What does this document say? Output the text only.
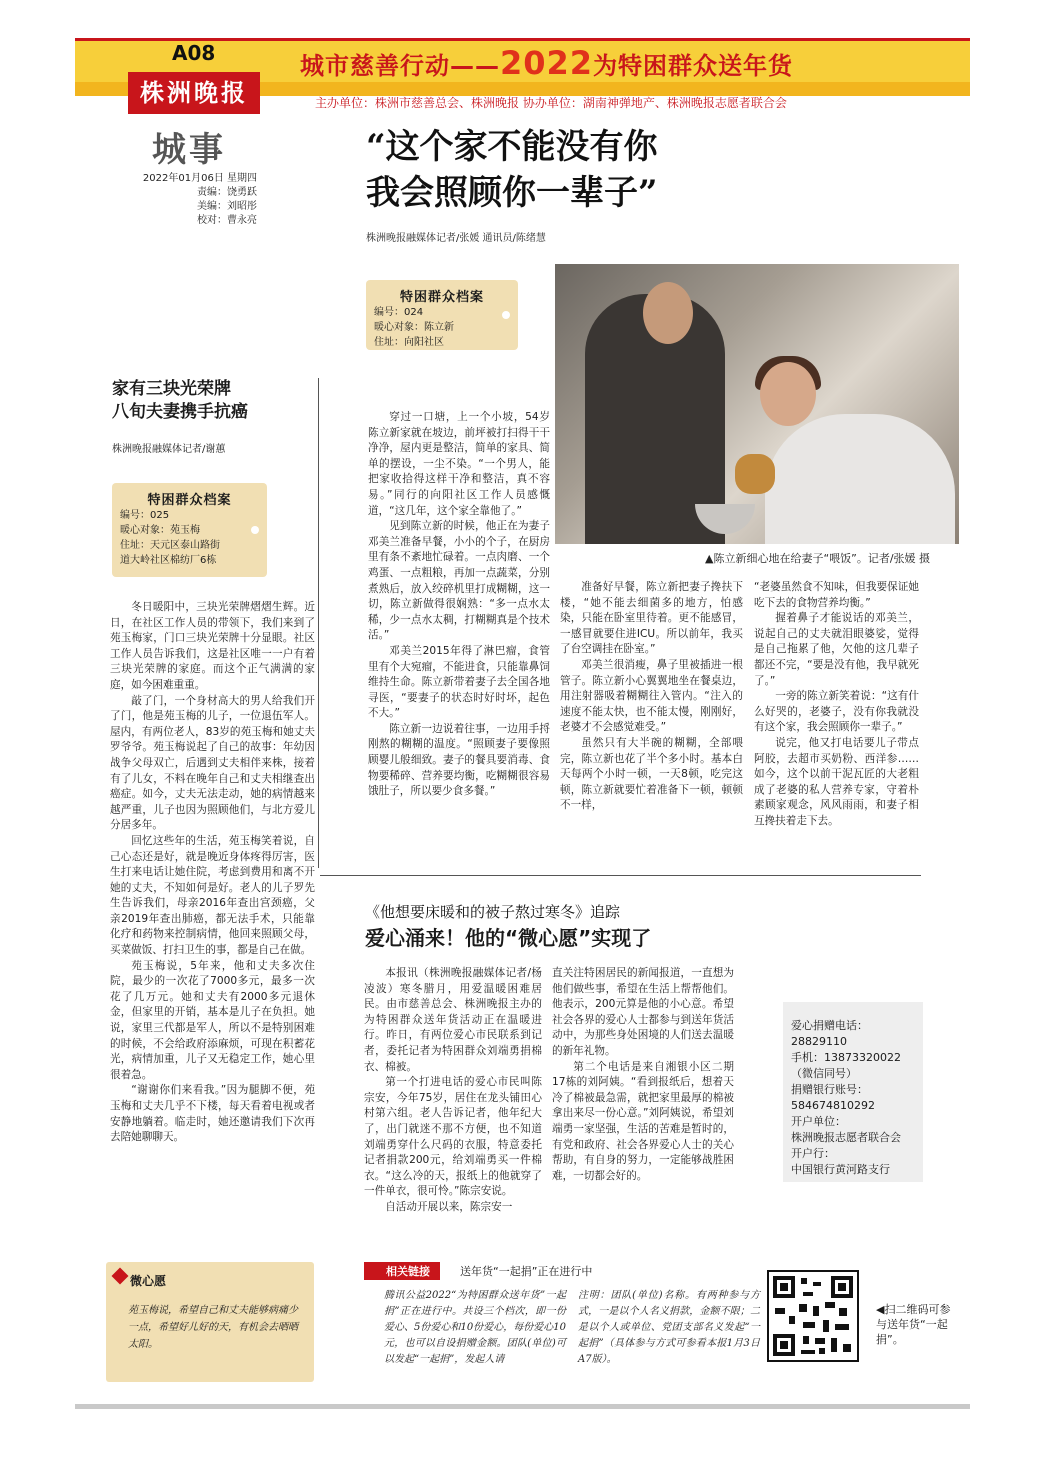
A08
株洲晚报
城市慈善行动——2022为特困群众送年货
主办单位：株洲市慈善总会、株洲晚报 协办单位：湖南神弹地产、株洲晚报志愿者联合会
城事
2022年01月06日 星期四
责编：饶勇跃
美编：刘昭彤
校对：曹永亮
“这个家不能没有你
我会照顾你一辈子”
株洲晚报融媒体记者/张媛 通讯员/陈绪慧
特困群众档案
编号：024
暖心对象：陈立新
住址：向阳社区
▲陈立新细心地在给妻子“喂饭”。记者/张媛 摄

穿过一口塘，上一个小坡，54岁陈立新家就在坡边，前坪被打扫得干干净净，屋内更是整洁，简单的家具、简单的摆设，一尘不染。“一个男人，能把家收拾得这样干净和整洁，真不容易。”同行的向阳社区工作人员感慨道，“这几年，这个家全靠他了。”

见到陈立新的时候，他正在为妻子邓美兰准备早餐，小小的个子，在厨房里有条不紊地忙碌着。一点肉磨、一个鸡蛋、一点粗粮，再加一点蔬菜，分别煮熟后，放入绞碎机里打成糊糊，这一切，陈立新做得很娴熟：“多一点水太稀，少一点水太稠，打糊糊真是个技术活。”

邓美兰2015年得了淋巴瘤，食管里有个大宛瘤，不能进食，只能靠鼻饲维持生命。陈立新带着妻子去全国各地寻医，“要妻子的状态时好时坏，起色不大。”

陈立新一边说着往事，一边用手捋刚熬的糊糊的温度。“照顾妻子要像照顾婴儿般细致。妻子的餐具要消毒、食物要稀碎、营养要均衡，吃糊糊很容易饿肚子，所以要少食多餐。”

准备好早餐，陈立新把妻子搀扶下楼，“她不能去细菌多的地方，怕感染，只能在卧室里待着。更不能感冒，一感冒就要住进ICU。所以前年，我买了台空调挂在卧室。”

邓美兰很消瘦，鼻子里被插进一根管子。陈立新小心翼翼地坐在餐桌边，用注射器吸着糊糊往入管内。“注入的速度不能太快，也不能太慢，刚刚好，老婆才不会感觉难受。”

虽然只有大半碗的糊糊，全部喂完，陈立新也花了半个多小时。基本白天每两个小时一顿，一天8顿，吃完这顿，陈立新就要忙着准备下一顿，顿顿不一样，

“老婆虽然食不知味，但我要保证她吃下去的食物营养均衡。”

握着鼻子才能说话的邓美兰，说起自己的丈夫就泪眼婆娑，觉得是自己拖累了他，欠他的这几辈子都还不完，“要是没有他，我早就死了。”

一旁的陈立新笑着说：“这有什么好哭的，老婆子，没有你我就没有这个家，我会照顾你一辈子。”

说完，他又打电话要儿子带点阿胶，去超市买奶粉、西洋参……如今，这个以前干泥瓦匠的大老粗成了老婆的私人营养专家，守着朴素顾家观念，风风雨雨，和妻子相互搀扶着走下去。

家有三块光荣牌
八旬夫妻携手抗癌
株洲晚报融媒体记者/谢蕙
特困群众档案
编号：025
暖心对象：苑玉梅
住址：天元区泰山路街
道大岭社区棉纺厂6栋

冬日暖阳中，三块光荣牌熠熠生辉。近日，在社区工作人员的带领下，我们来到了苑玉梅家，门口三块光荣牌十分显眼。社区工作人员告诉我们，这是社区唯一一户有着三块光荣牌的家庭。而这个正气满满的家庭，如今困难重重。

敲了门，一个身材高大的男人给我们开了门，他是苑玉梅的儿子，一位退伍军人。屋内，有两位老人，83岁的苑玉梅和她丈夫罗爷爷。苑玉梅说起了自己的故事：年幼因战争父母双亡，后遇到丈夫相伴来株，接着有了儿女，不料在晚年自己和丈夫相继查出癌症。如今，丈夫无法走动，她的病情越来越严重，儿子也因为照顾他们，与北方爱儿分居多年。

回忆这些年的生活，苑玉梅笑着说，自己心态还是好，就是晚近身体疼得厉害，医生打来电话让她住院，考虑到费用和离不开她的丈夫，不知如何是好。老人的儿子罗先生告诉我们，母亲2016年查出宫颈癌，父亲2019年查出肺癌，都无法手术，只能靠化疗和药物来控制病情，他回来照顾父母，买菜做饭、打扫卫生的事，都是自己在做。

苑玉梅说，5年来，他和丈夫多次住院，最少的一次花了7000多元，最多一次花了几万元。她和丈夫有2000多元退休金，但家里的开销，基本是儿子在负担。她说，家里三代都是军人，所以不是特别困难的时候，不会给政府添麻烦，可现在积蓄花光，病情加重，儿子又无稳定工作，她心里很着急。

“谢谢你们来看我。”因为腿脚不便，苑玉梅和丈夫几乎不下楼，每天看着电视或者安静地躺着。临走时，她还邀请我们下次再去陪她聊聊天。

微心愿
苑玉梅说，希望自己和丈夫能够病痛少一点，希望好儿好的天，有机会去晒晒太阳。
《他想要床暖和的被子熬过寒冬》追踪
爱心涌来！他的“微心愿”实现了

本报讯（株洲晚报融媒体记者/杨凌波）寒冬腊月，用爱温暖困难居民。由市慈善总会、株洲晚报主办的为特困群众送年货活动正在温暖进行。昨日，有两位爱心市民联系到记者，委托记者为特困群众刘端勇捐棉衣、棉被。

第一个打进电话的爱心市民叫陈宗安，今年75岁，居住在龙头铺田心村第六组。老人告诉记者，他年纪大了，出门就迷不那不方便，也不知道刘端勇穿什么尺码的衣服，特意委托记者捐款200元，给刘端勇买一件棉衣。“这么冷的天，报纸上的他就穿了一件单衣，很可怜。”陈宗安说。

自活动开展以来，陈宗安一

直关注特困居民的新闻报道，一直想为他们做些事，希望在生活上帮帮他们。他表示，200元算是他的小心意。希望社会各界的爱心人士都参与到送年货活动中，为那些身处困境的人们送去温暖的新年礼物。

第二个电话是来自湘银小区二期17栋的刘阿姨。“看到报纸后，想着天冷了棉被最急需，就把家里最厚的棉被拿出来尽一份心意。”刘阿姨说，希望刘端勇一家坚强，生活的苦难是暂时的，有党和政府、社会各界爱心人士的关心帮助，有自身的努力，一定能够战胜困难，一切都会好的。

爱心捐赠电话：
28829110
手机：13873320022
（微信同号）
捐赠银行账号：
584674810292
开户单位：
株洲晚报志愿者联合会
开户行：
中国银行黄河路支行
相关链接	送年货“一起捐”正在进行中
腾讯公益2022“为特困群众送年货”一起捐”正在进行中。共设三个档次，即一份爱心、5份爱心和10份爱心，每份爱心10元，也可以自设捐赠金额。团队(单位)可以发起“一起捐”，发起人请注明：团队(单位)名称。有两种参与方式，一是以个人名义捐款，金额不限；二是以个人或单位、党团支部名义发起“一起捐”（具体参与方式可参看本报1月3日A7版）。
◀扫二维码可参与送年货“一起捐”。
